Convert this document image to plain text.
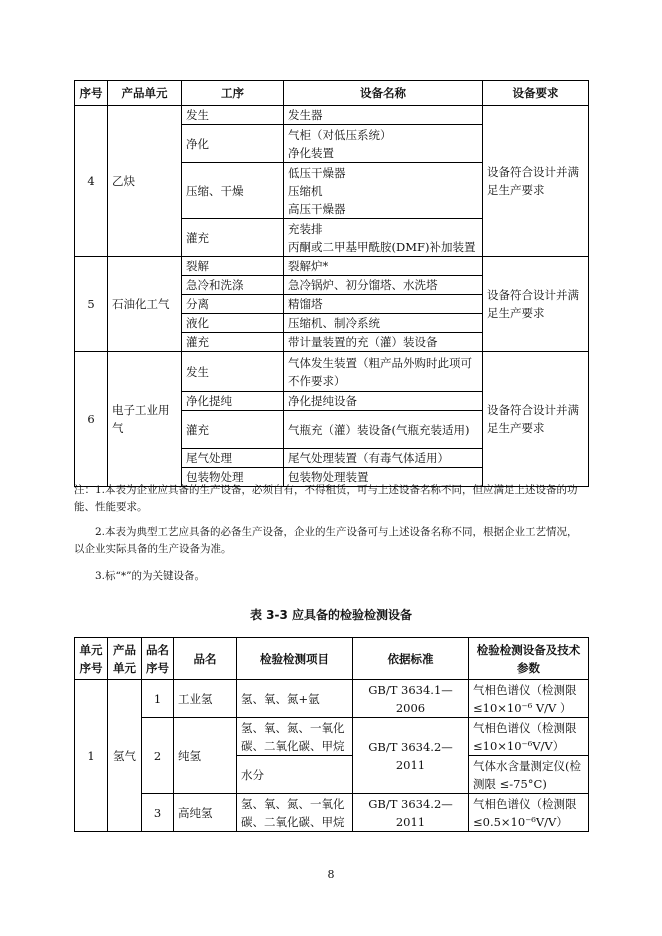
序号	产品单元	工序	设备名称	设备要求
4	乙炔	发生	发生器	设备符合设计并满足生产要求
		净化	气柜（对低压系统）
净化装置	

		压缩、干燥	低压干燥器
压缩机
高压干燥器	

		灌充	充装排
丙酮或二甲基甲酰胺(DMF)补加装置	

5	石油化工气	裂解	裂解炉*	设备符合设计并满足生产要求
		急冷和洗涤	急冷锅炉、初分馏塔、水洗塔	
		分离	精馏塔	
		液化	压缩机、制冷系统	
		灌充	带计量装置的充（灌）装设备	
6	电子工业用气	发生	气体发生装置（粗产品外购时此项可不作要求）	设备符合设计并满足生产要求
		净化提纯	净化提纯设备	
		灌充	气瓶充（灌）装设备(气瓶充装适用)	
		尾气处理	尾气处理装置（有毒气体适用）	
		包装物处理	包装物处理装置	
注：1.本表为企业应具备的生产设备，必须自有，不得租赁，可与上述设备名称不同，但应满足上述设备的功能、性能要求。
2.本表为典型工艺应具备的必备生产设备，企业的生产设备可与上述设备名称不同，根据企业工艺情况，以企业实际具备的生产设备为准。
3.标“*”的为关键设备。
表 3-3 应具备的检验检测设备
单元序号	产品单元	品名序号	品名	检验检测项目	依据标准	检验检测设备及技术参数
1	氢气	1	工业氢	氢、氧、氮+氩	GB/T 3634.1—2006	气相色谱仪（检测限≤10×10⁻⁶ V/V ）
		2	纯氢	氢、氧、氮、一氧化碳、二氧化碳、甲烷	GB/T 3634.2—2011	气相色谱仪（检测限≤10×10⁻⁶V/V）
				水分		气体水含量测定仪(检测限 ≤-75°C)
		3	高纯氢	氢、氧、氮、一氧化碳、二氧化碳、甲烷	GB/T 3634.2—2011	气相色谱仪（检测限≤0.5×10⁻⁶V/V）
8
